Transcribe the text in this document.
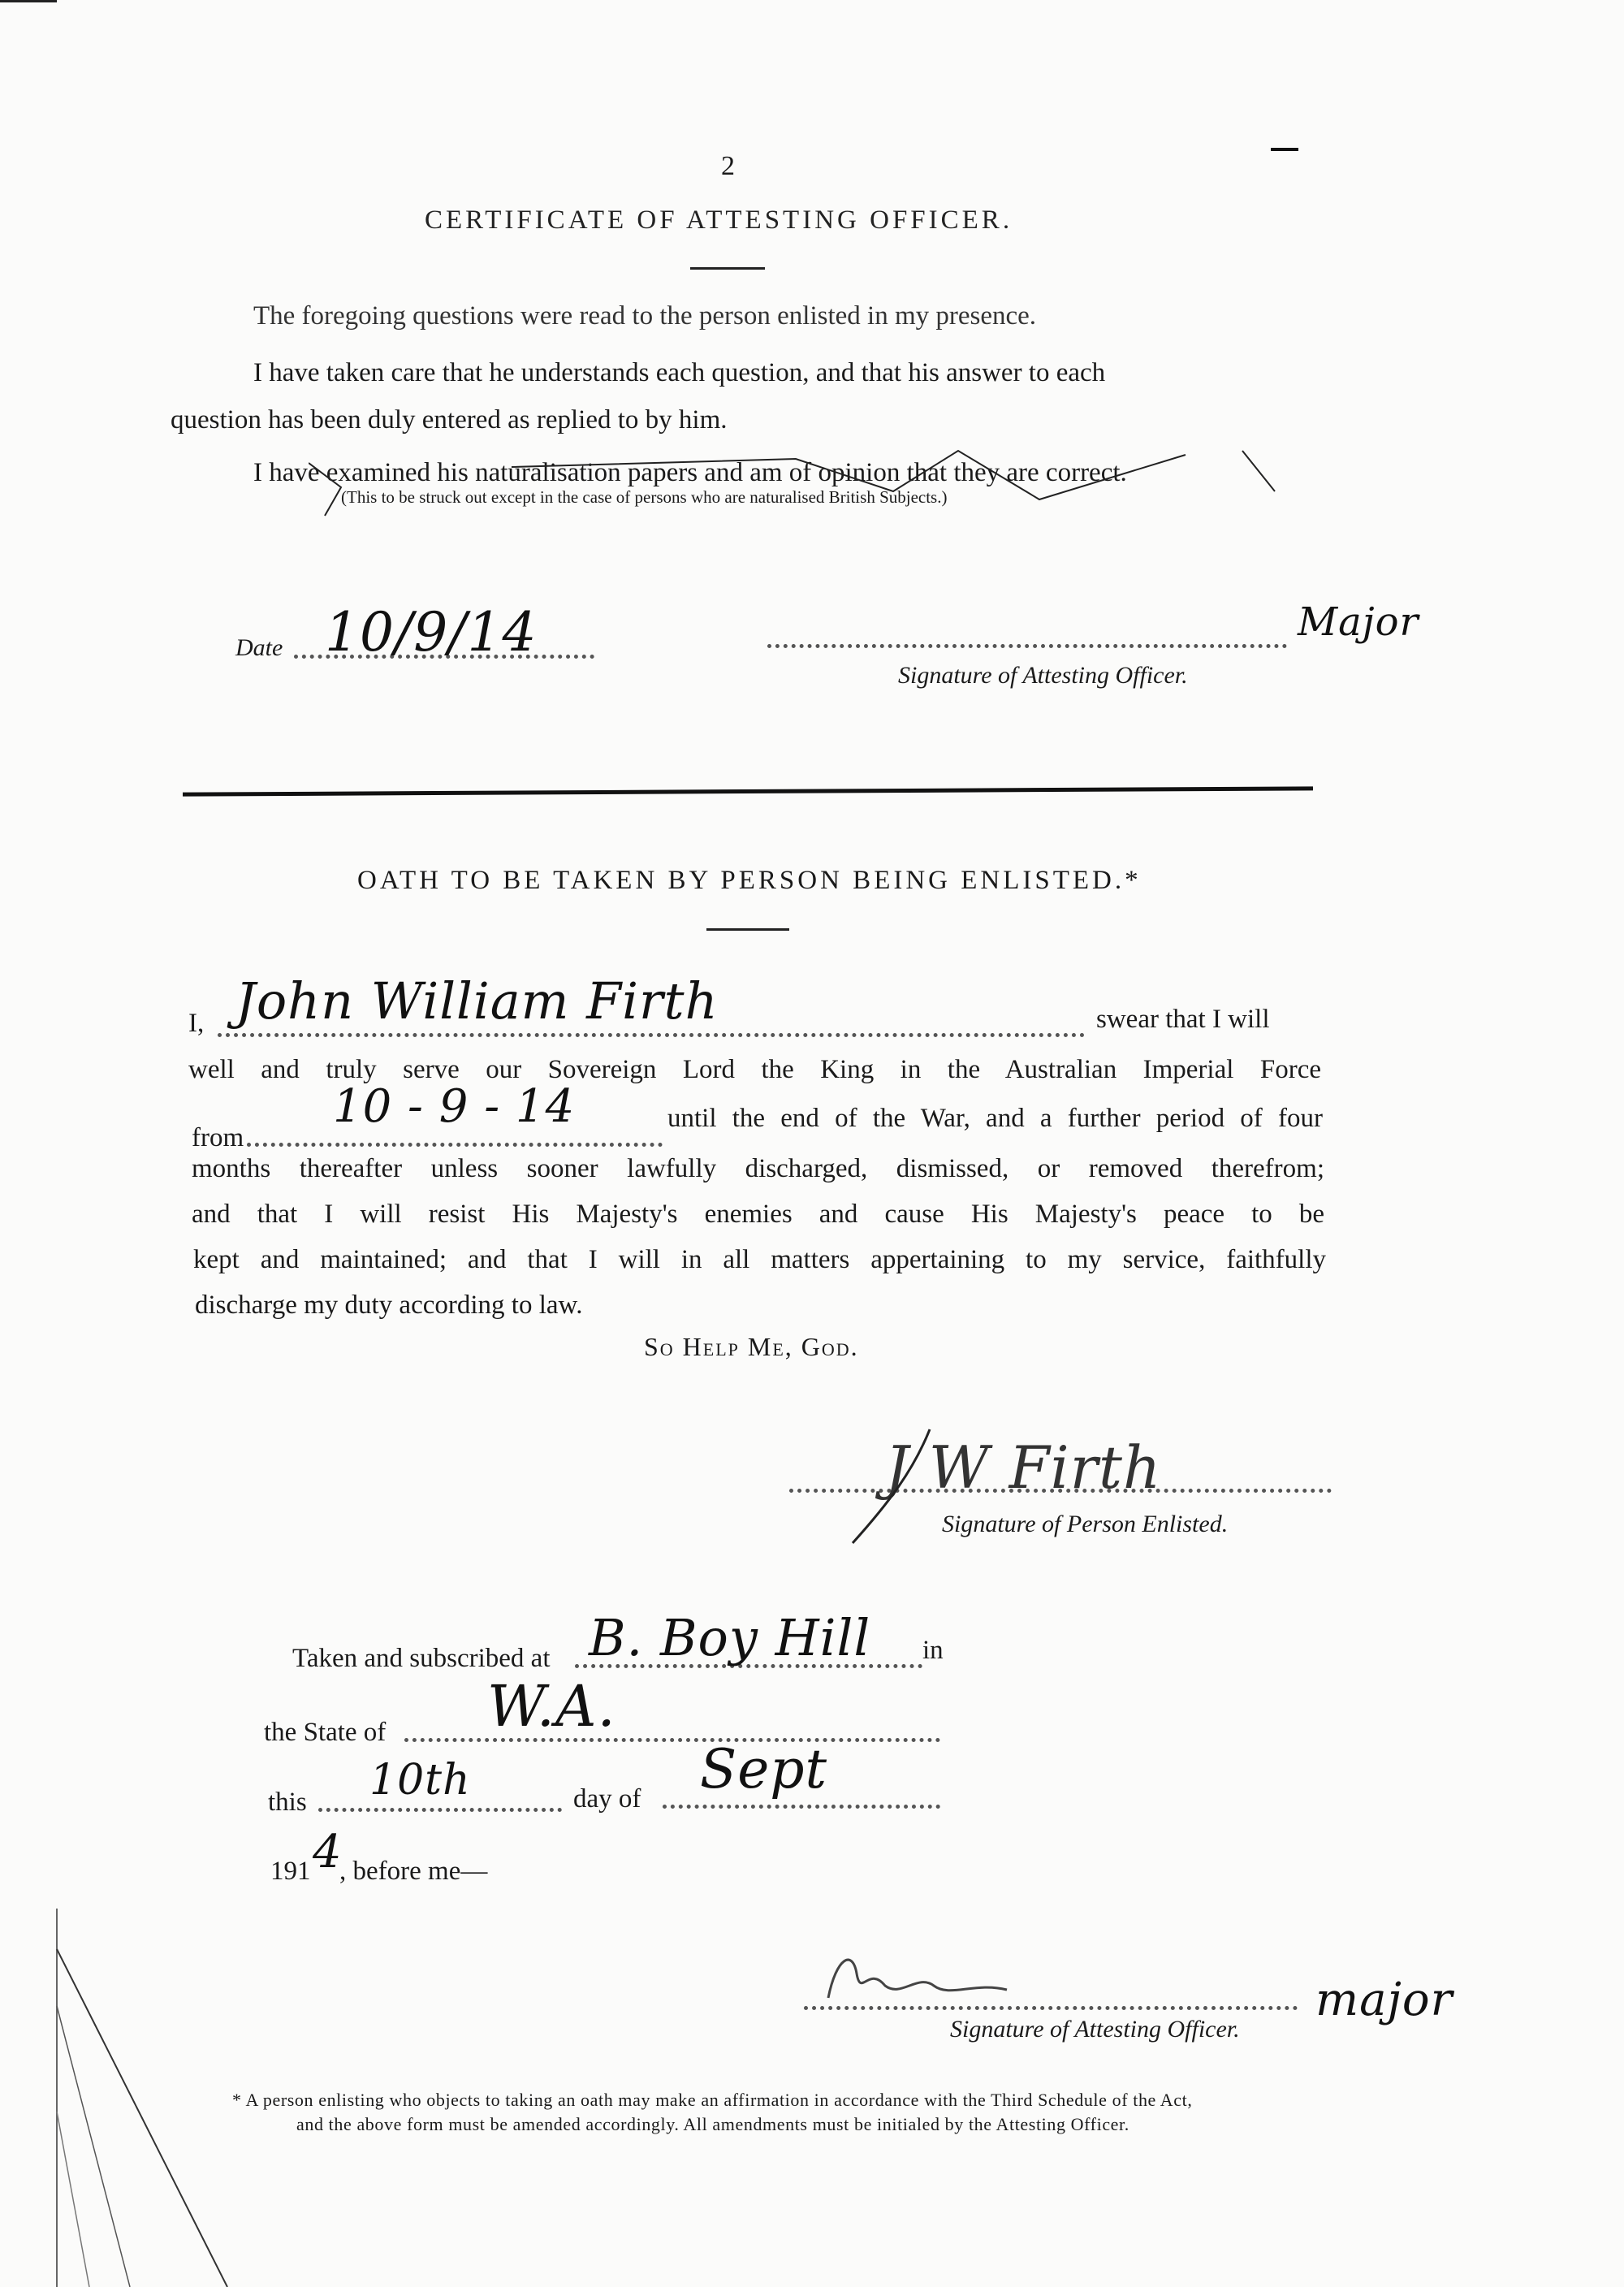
2
CERTIFICATE OF ATTESTING OFFICER.
The foregoing questions were read to the person enlisted in my presence.
I have taken care that he understands each question, and that his answer to each
question has been duly entered as replied to by him.
I have examined his naturalisation papers and am of opinion that they are correct.
(This to be struck out except in the case of persons who are naturalised British Subjects.)
Date 10/9/14	Major
Signature of Attesting Officer.
OATH TO BE TAKEN BY PERSON BEING ENLISTED.*
I, John William Firth	swear that I will
well and truly serve our Sovereign Lord the King in the Australian Imperial Force
from
10 - 9 - 14	until the end of the War, and a further period of four
months thereafter unless sooner lawfully discharged, dismissed, or removed therefrom;
and that I will resist His Majesty's enemies and cause His Majesty's peace to be
kept and maintained; and that I will in all matters appertaining to my service, faithfully
discharge my duty according to law.
So Help Me, God.
J W Firth
Signature of Person Enlisted.
Taken and subscribed at B. Boy Hill in
the State of W.A.
this 10th	day of Sept
191 4
, before me—
major
Signature of Attesting Officer.
* A person enlisting who objects to taking an oath may make an affirmation in accordance with the Third Schedule of the Act,
and the above form must be amended accordingly. All amendments must be initialed by the Attesting Officer.
